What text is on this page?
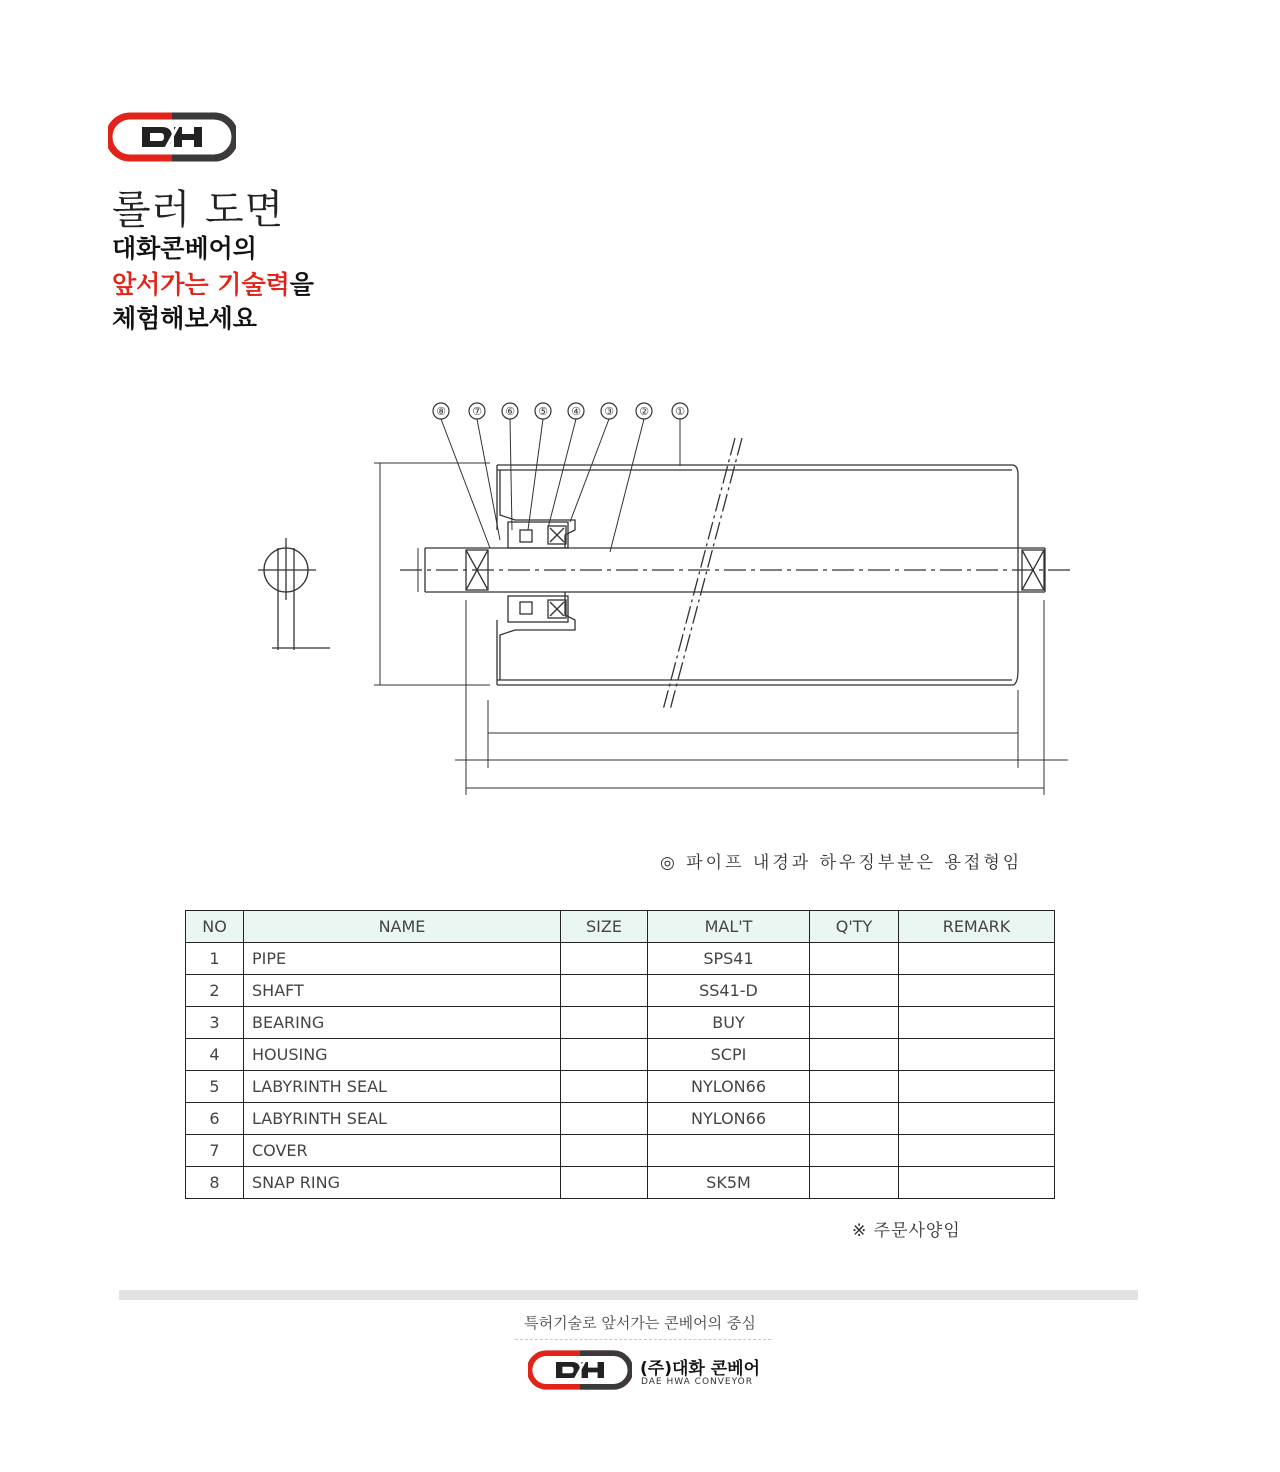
롤러 도면
대화콘베어의
앞서가는 기술력을
체험해보세요
⑧ ⑦ ⑥ ⑤ ④ ③ ② ①
◎ 파이프 내경과 하우징부분은 용접형임
NO	NAME	SIZE	MAL'T	Q'TY	REMARK
1	PIPE		SPS41		
2	SHAFT		SS41-D		
3	BEARING		BUY		
4	HOUSING		SCPI		
5	LABYRINTH SEAL		NYLON66		
6	LABYRINTH SEAL		NYLON66		
7	COVER				
8	SNAP RING		SK5M		
※ 주문사양임
특허기술로 앞서가는 콘베어의 중심
(주)대화 콘베어
DAE HWA CONVEYOR
